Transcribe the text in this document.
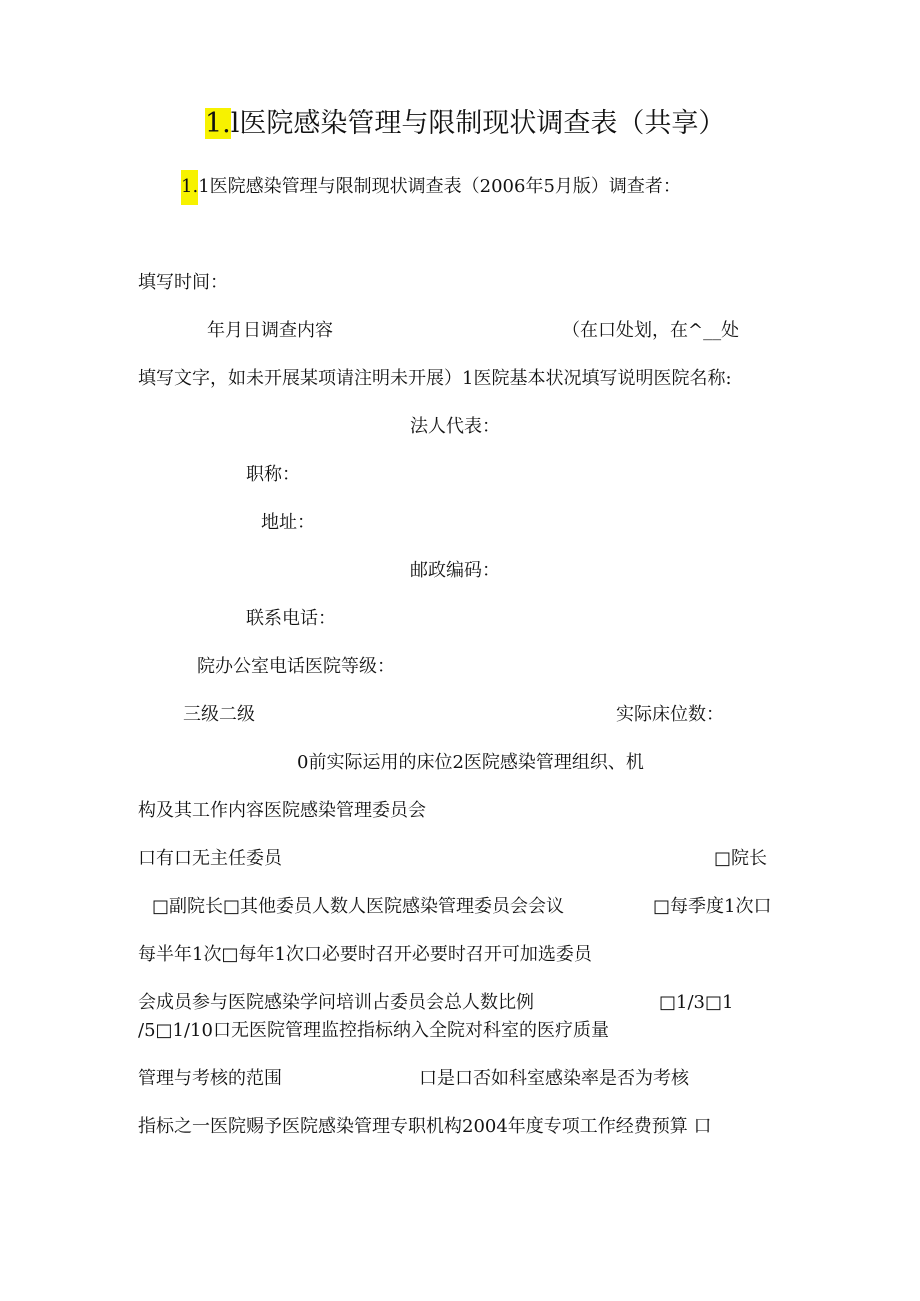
1.l医院感染管理与限制现状调查表（共享）
1.1医院感染管理与限制现状调查表（2006年5月版）调查者：
填写时间：
年月日调查内容	（在口处划，在^__处
填写文字，如未开展某项请注明未开展）1医院基本状况填写说明医院名称:
法人代表：
职称：
地址：
邮政编码：
联系电话：
院办公室电话医院等级：
三级二级	实际床位数：
0前实际运用的床位2医院感染管理组织、机
构及其工作内容医院感染管理委员会
口有口无主任委员	□院长
□副院长□其他委员人数人医院感染管理委员会会议	□每季度1次口
每半年1次□每年1次口必要时召开必要时召开可加选委员
会成员参与医院感染学问培训占委员会总人数比例	□1/3□1
/5□1/10口无医院管理监控指标纳入全院对科室的医疗质量
管理与考核的范围	口是口否如科室感染率是否为考核
指标之一医院赐予医院感染管理专职机构2004年度专项工作经费预算 口
